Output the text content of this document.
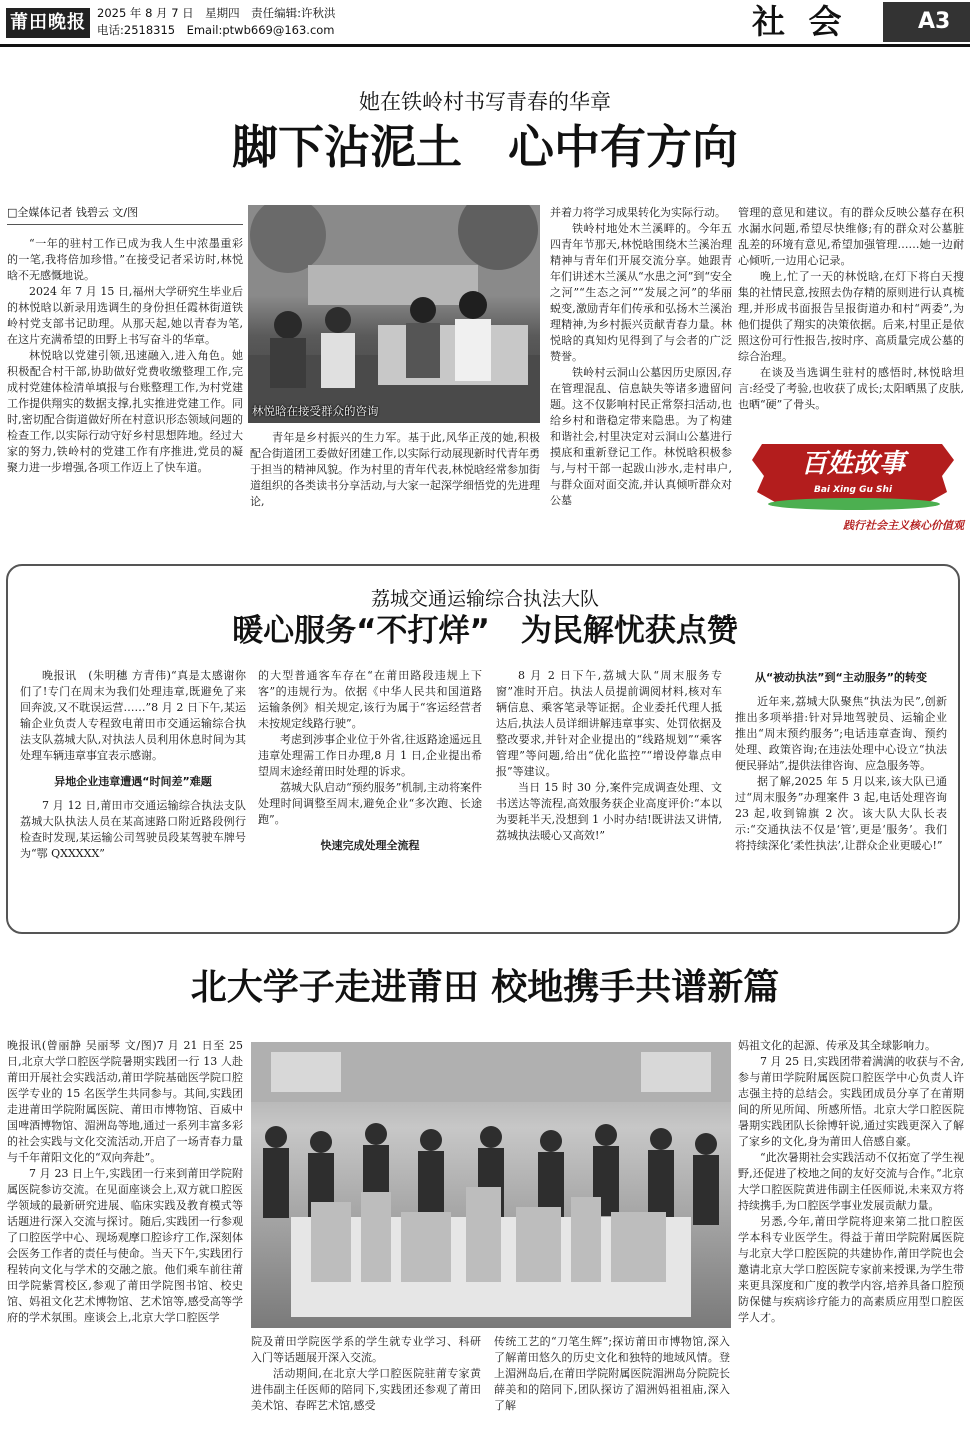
莆田晚报 2025 年 8 月 7 日　星期四　责任编辑:许秋洪
电话:2518315　Email:ptwb669@163.com	社 会	A3
她在铁岭村书写青春的华章
脚下沾泥土　心中有方向
□全媒体记者 钱碧云 文/图

“一年的驻村工作已成为我人生中浓墨重彩的一笔,我将倍加珍惜。”在接受记者采访时,林悦晗不无感慨地说。

2024 年 7 月 15 日,福州大学研究生毕业后的林悦晗以新录用选调生的身份担任霞林街道铁岭村党支部书记助理。从那天起,她以青春为笔,在这片充满希望的田野上书写奋斗的华章。

林悦晗以党建引领,迅速融入,进入角色。她积极配合村干部,协助做好党费收缴整理工作,完成村党建体检清单填报与台账整理工作,为村党建工作提供翔实的数据支撑,扎实推进党建工作。同时,密切配合街道做好所在村意识形态领域问题的检查工作,以实际行动守好乡村思想阵地。经过大家的努力,铁岭村的党建工作有序推进,党员的凝聚力进一步增强,各项工作迈上了快车道。

林悦晗在接受群众的咨询

青年是乡村振兴的生力军。基于此,风华正茂的她,积极配合街道团工委做好团建工作,以实际行动展现新时代青年勇于担当的精神风貌。作为村里的青年代表,林悦晗经常参加街道组织的各类读书分享活动,与大家一起深学细悟党的先进理论,

并着力将学习成果转化为实际行动。

铁岭村地处木兰溪畔的。今年五四青年节那天,林悦晗围绕木兰溪治理精神与青年们开展交流分享。她跟青年们讲述木兰溪从“水患之河”到“安全之河”“生态之河”“发展之河”的华丽蜕变,激励青年们传承和弘扬木兰溪治理精神,为乡村振兴贡献青春力量。林悦晗的真知灼见得到了与会者的广泛赞誉。

铁岭村云洞山公墓因历史原因,存在管理混乱、信息缺失等诸多遗留问题。这不仅影响村民正常祭扫活动,也给乡村和谐稳定带来隐患。为了构建和谐社会,村里决定对云洞山公墓进行摸底和重新登记工作。林悦晗积极参与,与村干部一起跋山涉水,走村串户,与群众面对面交流,并认真倾听群众对公墓

管理的意见和建议。有的群众反映公墓存在积水漏水问题,希望尽快维修;有的群众对公墓脏乱差的环境有意见,希望加强管理……她一边耐心倾听,一边用心记录。

晚上,忙了一天的林悦晗,在灯下将白天搜集的社情民意,按照去伪存精的原则进行认真梳理,并形成书面报告呈报街道办和村“两委”,为他们提供了翔实的决策依据。后来,村里正是依照这份可行性报告,按时序、高质量完成公墓的综合治理。

在谈及当选调生驻村的感悟时,林悦晗坦言:经受了考验,也收获了成长;太阳晒黑了皮肤,也晒“硬”了骨头。

百姓故事
Bai Xing Gu Shi
践行社会主义核心价值观
荔城交通运输综合执法大队
暖心服务“不打烊”　为民解忧获点赞

晚报讯　(朱明穗 方青伟)“真是太感谢你们了!专门在周末为我们处理违章,既避免了来回奔波,又不耽误运营……”8 月 2 日下午,某运输企业负责人专程致电莆田市交通运输综合执法支队荔城大队,对执法人员利用休息时间为其处理车辆违章事宜表示感谢。

异地企业违章遭遇“时间差”难题

7 月 12 日,莆田市交通运输综合执法支队荔城大队执法人员在某高速路口附近路段例行检查时发现,某运输公司驾驶员段某驾驶车牌号为“鄂 QXXXXX”

的大型普通客车存在“在莆田路段违规上下客”的违规行为。依据《中华人民共和国道路运输条例》相关规定,该行为属于“客运经营者未按规定线路行驶”。

考虑到涉事企业位于外省,往返路途遥远且违章处理需工作日办理,8 月 1 日,企业提出希望周末途经莆田时处理的诉求。

荔城大队启动“预约服务”机制,主动将案件处理时间调整至周末,避免企业“多次跑、长途跑”。

快速完成处理全流程

8 月 2 日下午,荔城大队“周末服务专窗”准时开启。执法人员提前调阅材料,核对车辆信息、乘客笔录等证据。企业委托代理人抵达后,执法人员详细讲解违章事实、处罚依据及整改要求,并针对企业提出的“线路规划”“乘客管理”等问题,给出“优化监控”“增设停靠点申报”等建议。

当日 15 时 30 分,案件完成调查处理、文书送达等流程,高效服务获企业高度评价:“本以为要耗半天,没想到 1 小时办结!既讲法又讲情,荔城执法暖心又高效!”

从“被动执法”到“主动服务”的转变

近年来,荔城大队聚焦“执法为民”,创新推出多项举措:针对异地驾驶员、运输企业推出“周末预约服务”;电话违章查询、预约处理、政策咨询;在违法处理中心设立“执法便民驿站”,提供法律咨询、应急服务等。

据了解,2025 年 5 月以来,该大队已通过“周末服务”办理案件 3 起,电话处理咨询 23 起,收到锦旗 2 次。该大队大队长表示:“交通执法不仅是‘管’,更是‘服务’。我们将持续深化‘柔性执法’,让群众企业更暖心!”

北大学子走进莆田 校地携手共谱新篇

晚报讯(曾丽静 吴丽琴 文/图)7 月 21 日至 25 日,北京大学口腔医学院暑期实践团一行 13 人赴莆田开展社会实践活动,莆田学院基础医学院口腔医学专业的 15 名医学生共同参与。其间,实践团走进莆田学院附属医院、莆田市博物馆、百威中国啤酒博物馆、湄洲岛等地,通过一系列丰富多彩的社会实践与文化交流活动,开启了一场青春力量与千年莆阳文化的“双向奔赴”。

7 月 23 日上午,实践团一行来到莆田学院附属医院参访交流。在见面座谈会上,双方就口腔医学领域的最新研究进展、临床实践及教育模式等话题进行深入交流与探讨。随后,实践团一行参观了口腔医学中心、现场观摩口腔诊疗工作,深刻体会医务工作者的责任与使命。当天下午,实践团行程转向文化与学术的交融之旅。他们乘车前往莆田学院紫霄校区,参观了莆田学院图书馆、校史馆、妈祖文化艺术博物馆、艺术馆等,感受高等学府的学术氛围。座谈会上,北京大学口腔医学

院及莆田学院医学系的学生就专业学习、科研入门等话题展开深入交流。

活动期间,在北京大学口腔医院驻莆专家黄进伟副主任医师的陪同下,实践团还参观了莆田美术馆、春晖艺术馆,感受

传统工艺的“刀笔生辉”;探访莆田市博物馆,深入了解莆田悠久的历史文化和独特的地域风情。登上湄洲岛后,在莆田学院附属医院湄洲岛分院院长薛美和的陪同下,团队探访了湄洲妈祖祖庙,深入了解

妈祖文化的起源、传承及其全球影响力。

7 月 25 日,实践团带着满满的收获与不舍,参与莆田学院附属医院口腔医学中心负责人许志强主持的总结会。实践团成员分享了在莆期间的所见所闻、所感所悟。北京大学口腔医院暑期实践团队长徐博轩说,通过实践更深入了解了家乡的文化,身为莆田人倍感自豪。

“此次暑期社会实践活动不仅拓宽了学生视野,还促进了校地之间的友好交流与合作。”北京大学口腔医院黄进伟副主任医师说,未来双方将持续携手,为口腔医学事业发展贡献力量。

另悉,今年,莆田学院将迎来第二批口腔医学本科专业医学生。得益于莆田学院附属医院与北京大学口腔医院的共建协作,莆田学院也会邀请北京大学口腔医院专家前来授课,为学生带来更具深度和广度的教学内容,培养具备口腔预防保健与疾病诊疗能力的高素质应用型口腔医学人才。
